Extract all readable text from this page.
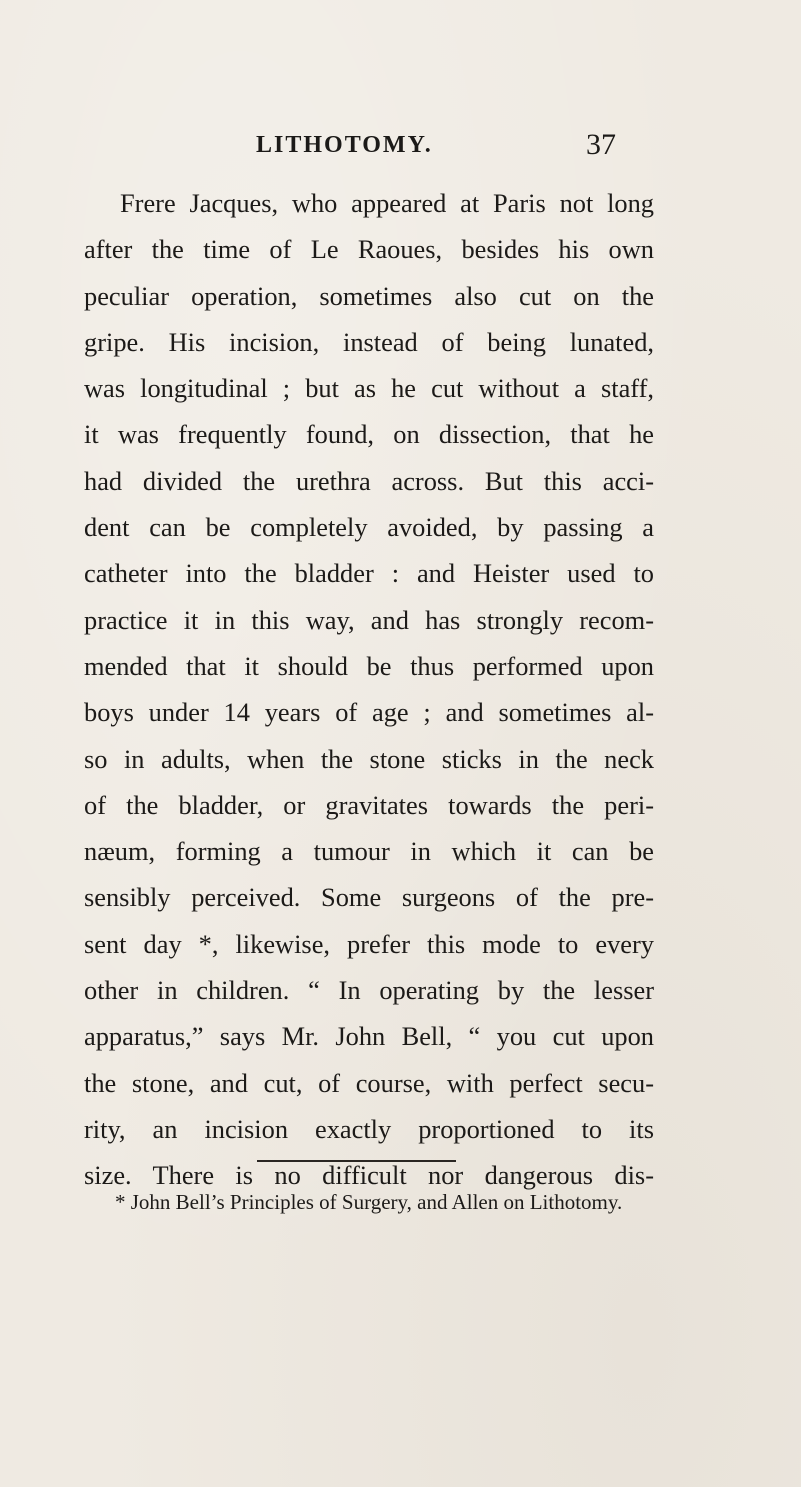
LITHOTOMY.	37
Frere Jacques, who appeared at Paris not long
after the time of Le Raoues, besides his own
peculiar operation, sometimes also cut on the
gripe. His incision, instead of being lunated,
was longitudinal ; but as he cut without a staff,
it was frequently found, on dissection, that he
had divided the urethra across. But this acci-
dent can be completely avoided, by passing a
catheter into the bladder : and Heister used to
practice it in this way, and has strongly recom-
mended that it should be thus performed upon
boys under 14 years of age ; and sometimes al-
so in adults, when the stone sticks in the neck
of the bladder, or gravitates towards the peri-
næum, forming a tumour in which it can be
sensibly perceived. Some surgeons of the pre-
sent day *, likewise, prefer this mode to every
other in children. “ In operating by the lesser
apparatus,” says Mr. John Bell, “ you cut upon
the stone, and cut, of course, with perfect secu-
rity, an incision exactly proportioned to its
size. There is no difficult nor dangerous dis-
* John Bell’s Principles of Surgery, and Allen on Lithotomy.
